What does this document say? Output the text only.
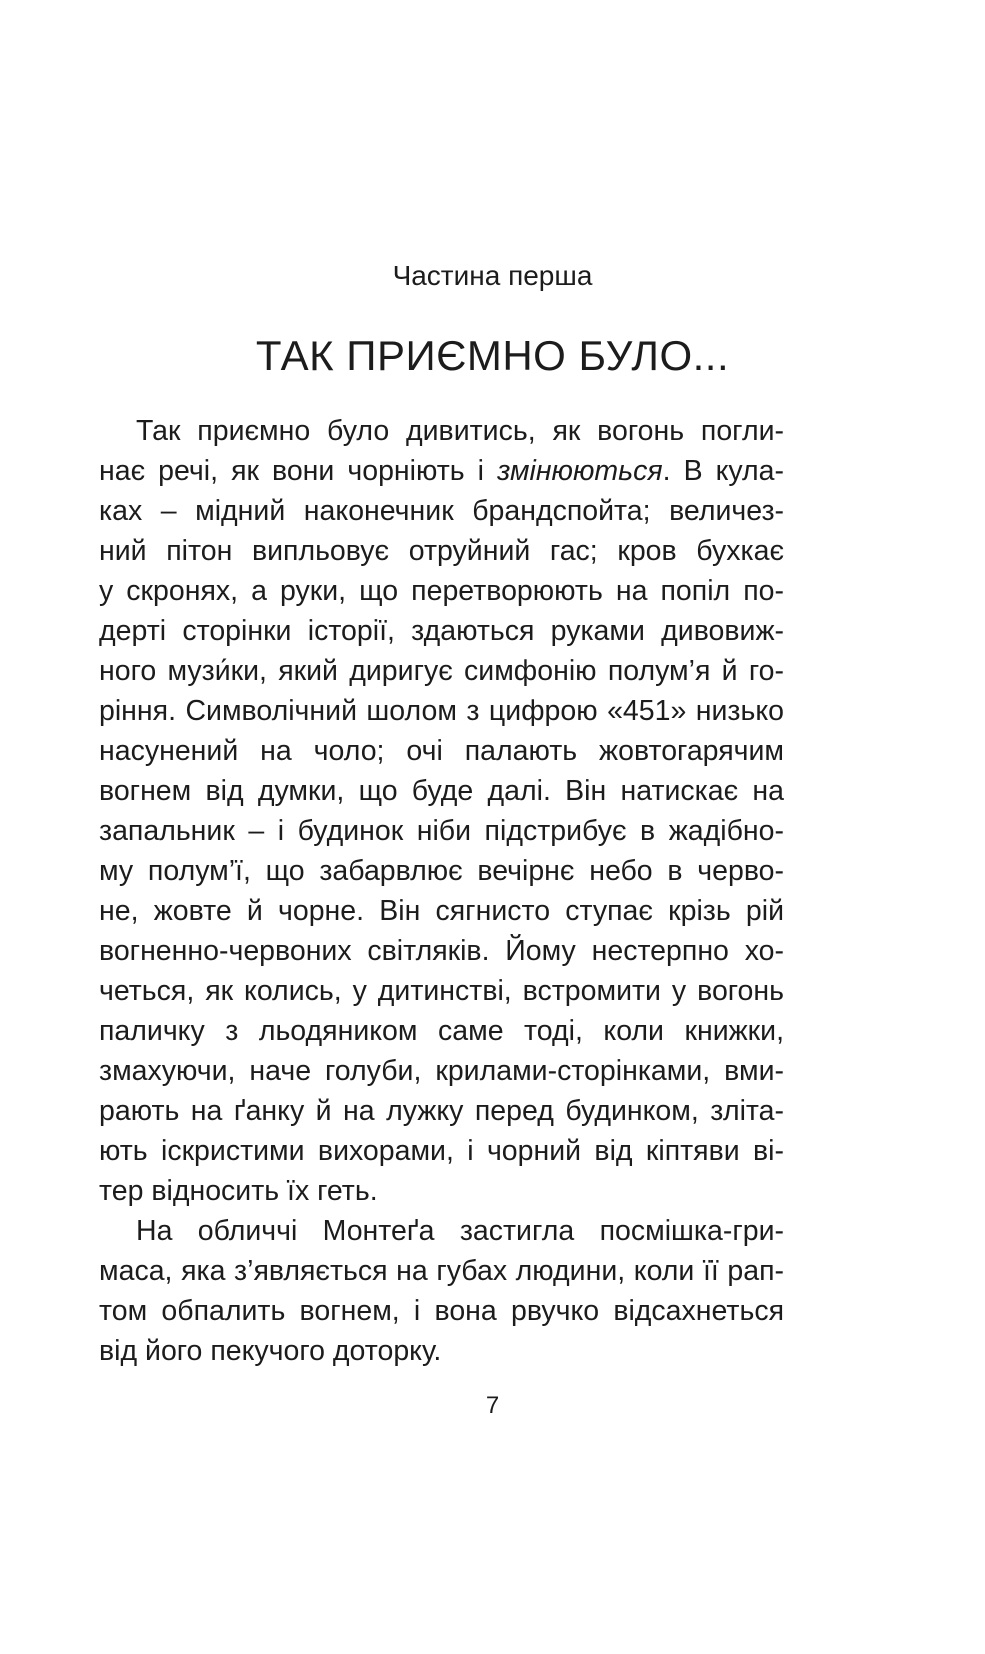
Частина перша
ТАК ПРИЄМНО БУЛО...
Так приємно було дивитись, як вогонь погли-
нає речі, як вони чорніють і змінюються. В кула-
ках – мідний наконечник брандспойта; величез-
ний пітон випльовує отруйний гас; кров бухкає
у скронях, а руки, що перетворюють на попіл по-
дерті сторінки історії, здаються руками дивовиж-
ного музи́ки, який диригує симфонію полум’я й го-
ріння. Символічний шолом з цифрою «451» низько
насунений на чоло; очі палають жовтогарячим
вогнем від думки, що буде далі. Він натискає на
запальник – і будинок ніби підстрибує в жадібно-
му полум’ї, що забарвлює вечірнє небо в черво-
не, жовте й чорне. Він сягнисто ступає крізь рій
вогненно-червоних світляків. Йому нестерпно хо-
четься, як колись, у дитинстві, встромити у вогонь
паличку з льодяником саме тоді, коли книжки,
змахуючи, наче голуби, крилами-сторінками, вми-
рають на ґанку й на лужку перед будинком, зліта-
ють іскристими вихорами, і чорний від кіптяви ві-
тер відносить їх геть.
На обличчі Монтеґа застигла посмішка-гри-
маса, яка з’являється на губах людини, коли її рап-
том обпалить вогнем, і вона рвучко відсахнеться
від його пекучого доторку.
7
